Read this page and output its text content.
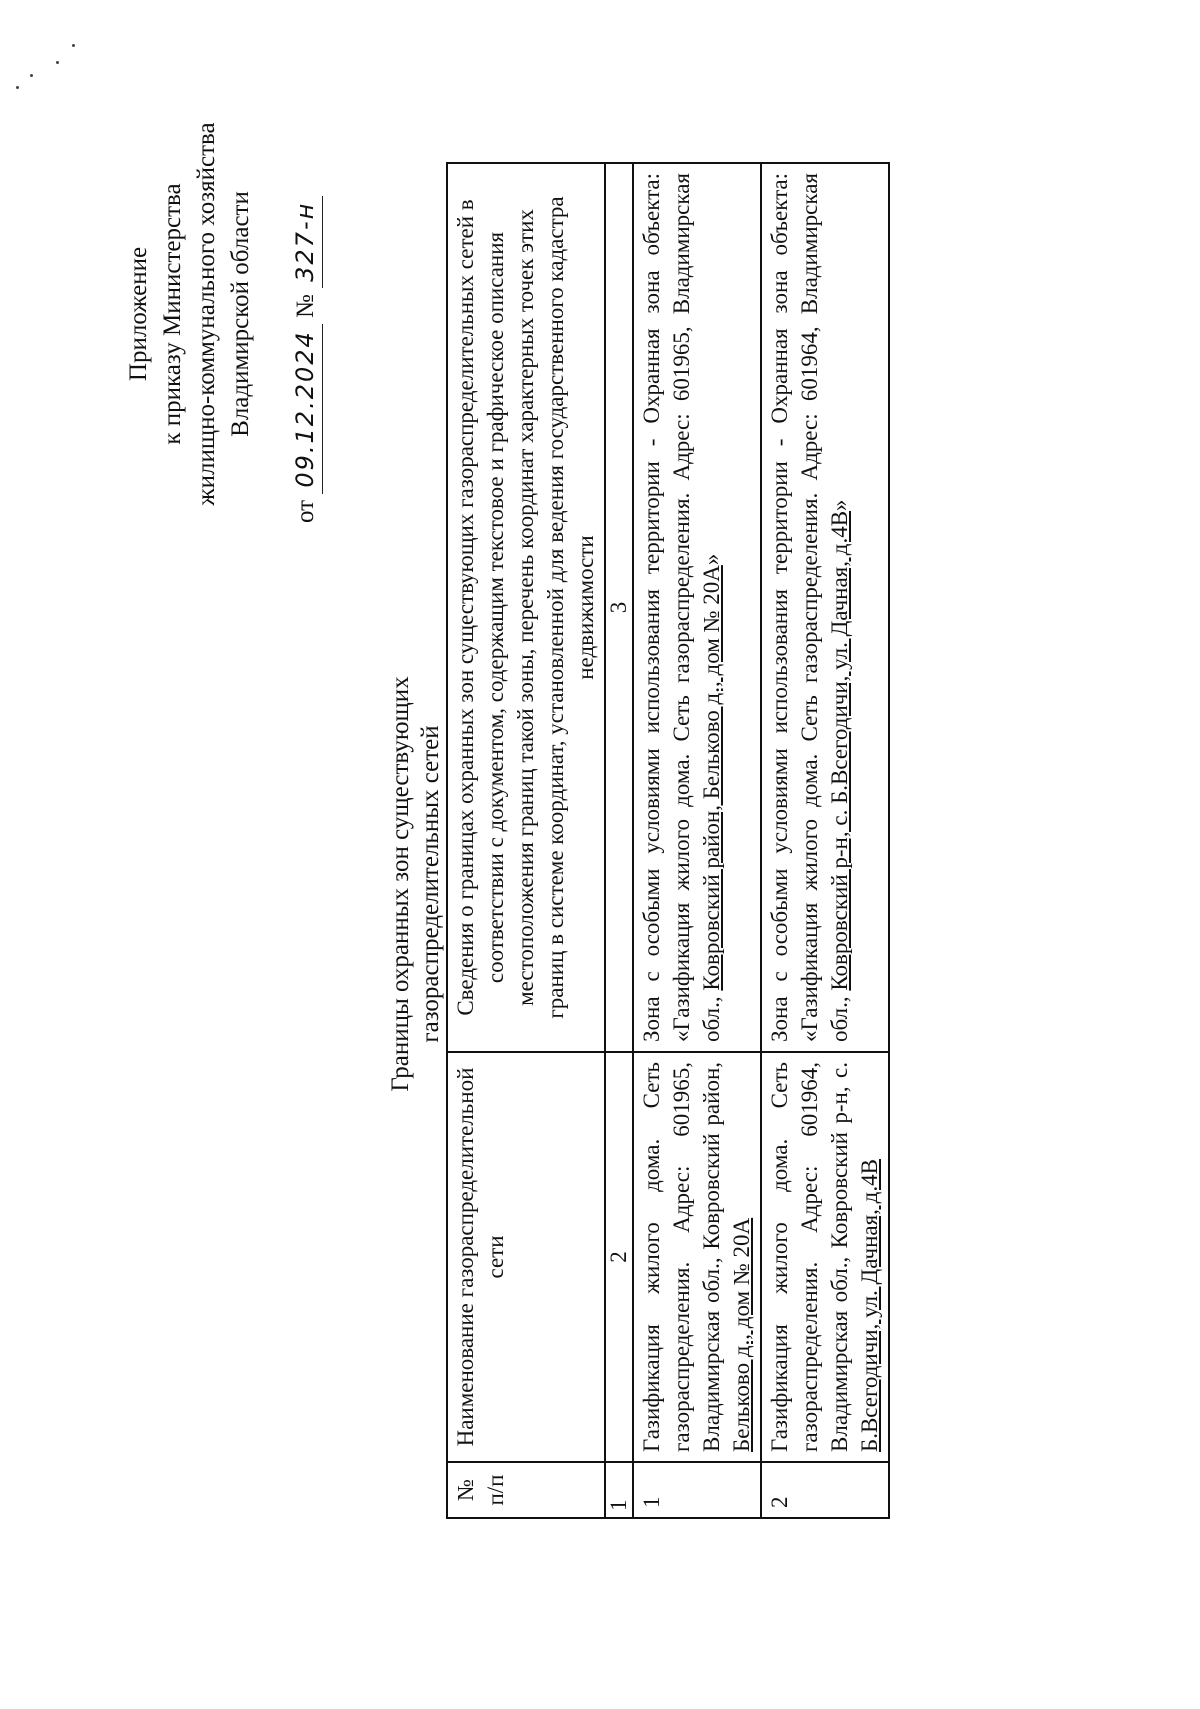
Приложение к приказу Министерства жилищно-коммунального хозяйства Владимирской области
от 09.12.2024 № 327-н
Границы охранных зон существующих газораспределительных сетей
№ п/п	Наименование газораспределительной сети	Сведения о границах охранных зон существующих газораспределительных сетей в соответствии с документом, содержащим текстовое и графическое описания местоположения границ такой зоны, перечень координат характерных точек этих границ в системе координат, установленной для ведения государственного кадастра недвижимости
1	2	3
1	Газификация жилого дома. Сеть газораспределения. Адрес: 601965, Владимирская обл., Ковровский район, Бельково д., дом № 20А	Зона с особыми условиями использования территории - Охранная зона объекта: «Газификация жилого дома. Сеть газораспределения. Адрес: 601965, Владимирская обл., Ковровский район, Бельково д., дом № 20А»
2	Газификация жилого дома. Сеть газораспределения. Адрес: 601964, Владимирская обл., Ковровский р-н, с. Б.Всегодичи, ул. Дачная, д.4В	Зона с особыми условиями использования территории - Охранная зона объекта: «Газификация жилого дома. Сеть газораспределения. Адрес: 601964, Владимирская обл., Ковровский р-н, с. Б.Всегодичи, ул. Дачная, д.4В»
